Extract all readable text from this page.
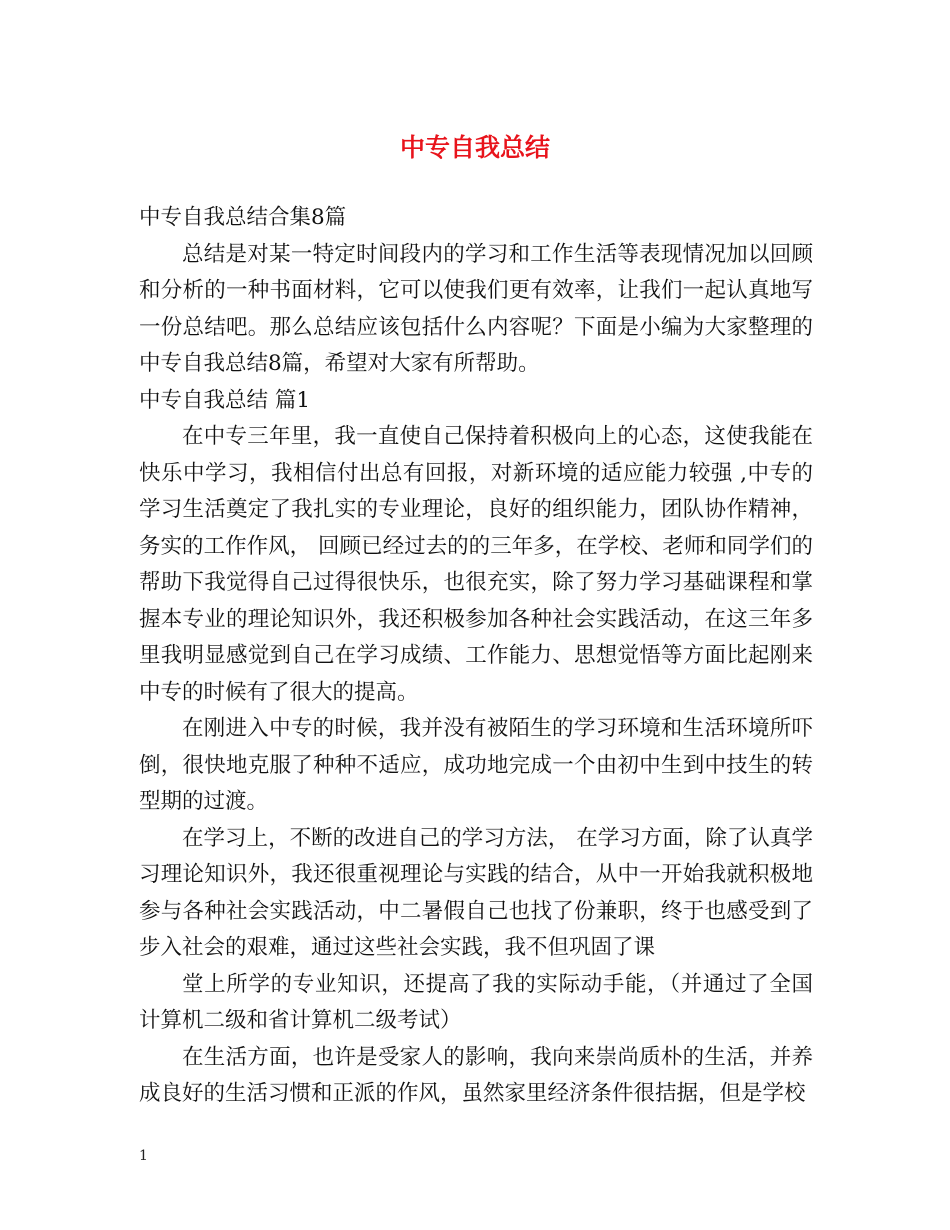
中专自我总结

中专自我总结合集8篇

总结是对某一特定时间段内的学习和工作生活等表现情况加以回顾和分析的一种书面材料，它可以使我们更有效率，让我们一起认真地写一份总结吧。那么总结应该包括什么内容呢？下面是小编为大家整理的中专自我总结8篇，希望对大家有所帮助。

中专自我总结 篇1

在中专三年里，我一直使自己保持着积极向上的心态，这使我能在快乐中学习，我相信付出总有回报，对新环境的适应能力较强 ,中专的学习生活奠定了我扎实的专业理论，良好的组织能力，团队协作精神，务实的工作作风， 回顾已经过去的的三年多，在学校、老师和同学们的帮助下我觉得自己过得很快乐，也很充实，除了努力学习基础课程和掌握本专业的理论知识外，我还积极参加各种社会实践活动，在这三年多里我明显感觉到自己在学习成绩、工作能力、思想觉悟等方面比起刚来中专的时候有了很大的提高。

在刚进入中专的时候，我并没有被陌生的学习环境和生活环境所吓倒，很快地克服了种种不适应，成功地完成一个由初中生到中技生的转型期的过渡。

在学习上，不断的改进自己的学习方法， 在学习方面，除了认真学习理论知识外，我还很重视理论与实践的结合，从中一开始我就积极地参与各种社会实践活动，中二暑假自己也找了份兼职，终于也感受到了步入社会的艰难，通过这些社会实践，我不但巩固了课

堂上所学的专业知识，还提高了我的实际动手能，（并通过了全国计算机二级和省计算机二级考试）

在生活方面，也许是受家人的影响，我向来崇尚质朴的生活，并养成良好的生活习惯和正派的作风，虽然家里经济条件很拮据，但是学校

1
